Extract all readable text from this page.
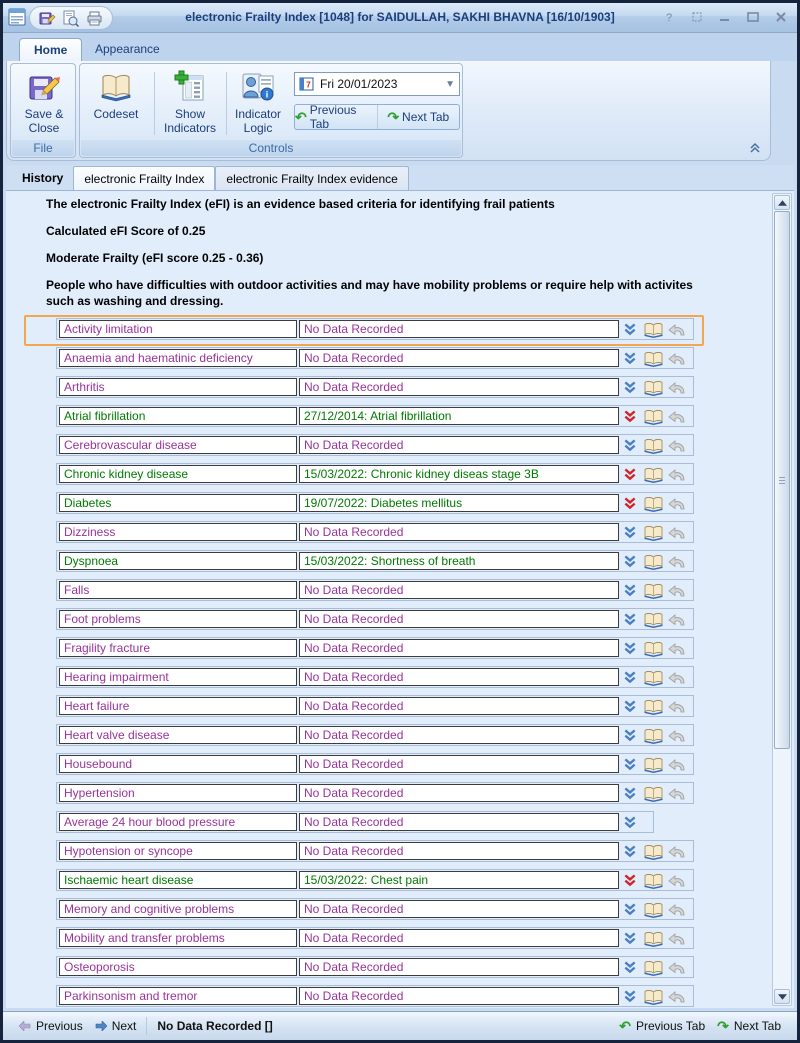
electronic Frailty Index [1048] for SAIDULLAH, SAKHI BHAVNA [16/10/1903]	?
Home	Appearance
Save & Close
File
Codeset	Show Indicators
i
Indicator Logic
7 Fri 20/01/2023	▼
↶ Previous Tab	↷ Next Tab
Controls
History	electronic Frailty Index	electronic Frailty Index evidence

The electronic Frailty Index (eFI) is an evidence based criteria for identifying frail patients

Calculated eFI Score of 0.25

Moderate Frailty (eFI score 0.25 - 0.36)

People who have difficulties with outdoor activities and may have mobility problems or require help with activites such as washing and dressing.

Activity limitation	No Data Recorded
Anaemia and haematinic deficiency	No Data Recorded
Arthritis	No Data Recorded
Atrial fibrillation	27/12/2014: Atrial fibrillation
Cerebrovascular disease	No Data Recorded
Chronic kidney disease	15/03/2022: Chronic kidney diseas stage 3B
Diabetes	19/07/2022: Diabetes mellitus
Dizziness	No Data Recorded
Dyspnoea	15/03/2022: Shortness of breath
Falls	No Data Recorded
Foot problems	No Data Recorded
Fragility fracture	No Data Recorded
Hearing impairment	No Data Recorded
Heart failure	No Data Recorded
Heart valve disease	No Data Recorded
Housebound	No Data Recorded
Hypertension	No Data Recorded
Average 24 hour blood pressure	No Data Recorded
Hypotension or syncope	No Data Recorded
Ischaemic heart disease	15/03/2022: Chest pain
Memory and cognitive problems	No Data Recorded
Mobility and transfer problems	No Data Recorded
Osteoporosis	No Data Recorded
Parkinsonism and tremor	No Data Recorded
Previous Next	No Data Recorded []	↶ Previous Tab ↷ Next Tab
